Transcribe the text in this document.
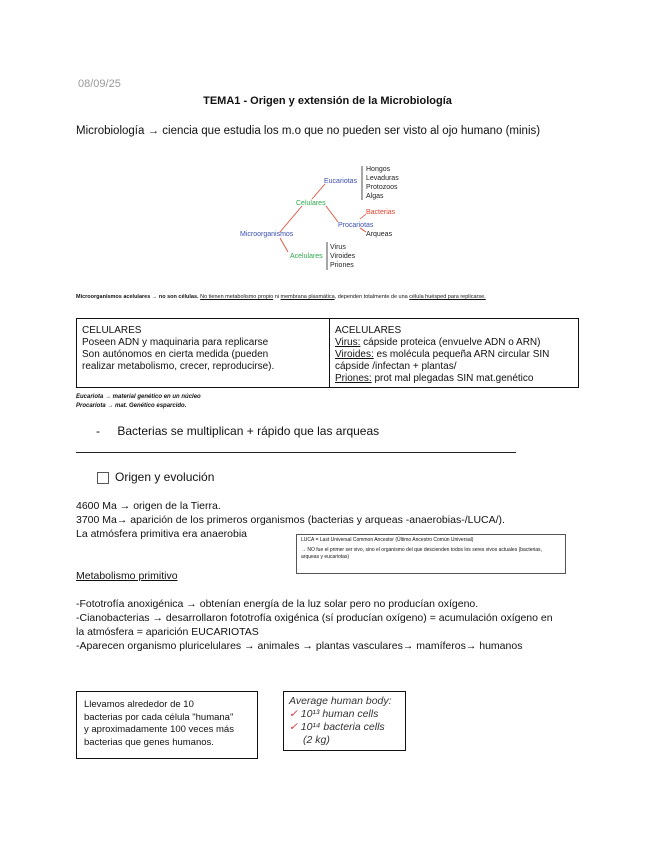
08/09/25
TEMA1 - Origen y extensión de la Microbiología
Microbiología → ciencia que estudia los m.o que no pueden ser visto al ojo humano (minis)
Microorganismos
Celulares
Acelulares
Eucariotas
Procariotas
Hongos
Levaduras
Protozoos
Algas
Bacterias
Arqueas
Virus
Viroides
Priones
Microorganismos acelulares → no son células. No tienen metabolismo propio ni membrana plasmática, dependen totalmente de una célula huésped para replicarse.
CELULARES
Poseen ADN y maquinaria para replicarse
Son autónomos en cierta medida (pueden
realizar metabolismo, crecer, reproducirse).

ACELULARES
Virus: cápside proteica (envuelve ADN o ARN)
Viroides: es molécula pequeña ARN circular SIN
cápside /infectan + plantas/
Priones: prot mal plegadas SIN mat.genético
Eucariota → material genético en un núcleo
Procariota → mat. Genético esparcido.
- Bacterias se multiplican + rápido que las arqueas
Origen y evolución
4600 Ma → origen de la Tierra.
3700 Ma→ aparición de los primeros organismos (bacterias y arqueas -anaerobias-/LUCA/).
La atmósfera primitiva era anaerobia	LUCA = Last Universal Common Ancestor (Último Ancestro Común Universal)

→ NO fue el primer ser vivo, sino el organismo del que descienden todos los seres vivos actuales (bacterias, arqueas y eucariotas)

Metabolismo primitivo
-Fototrofía anoxigénica → obtenían energía de la luz solar pero no producían oxígeno.
-Cianobacterias → desarrollaron fototrofía oxigénica (sí producían oxígeno) = acumulación oxígeno en
la atmósfera = aparición EUCARIOTAS
-Aparecen organismo pluricelulares → animales → plantas vasculares→ mamíferos→ humanos
Llevamos alrededor de 10
bacterias por cada célula "humana"
y aproximadamente 100 veces más
bacterias que genes humanos.
Average human body:
✓ 10¹³ human cells
✓ 10¹⁴ bacteria cells
(2 kg)
